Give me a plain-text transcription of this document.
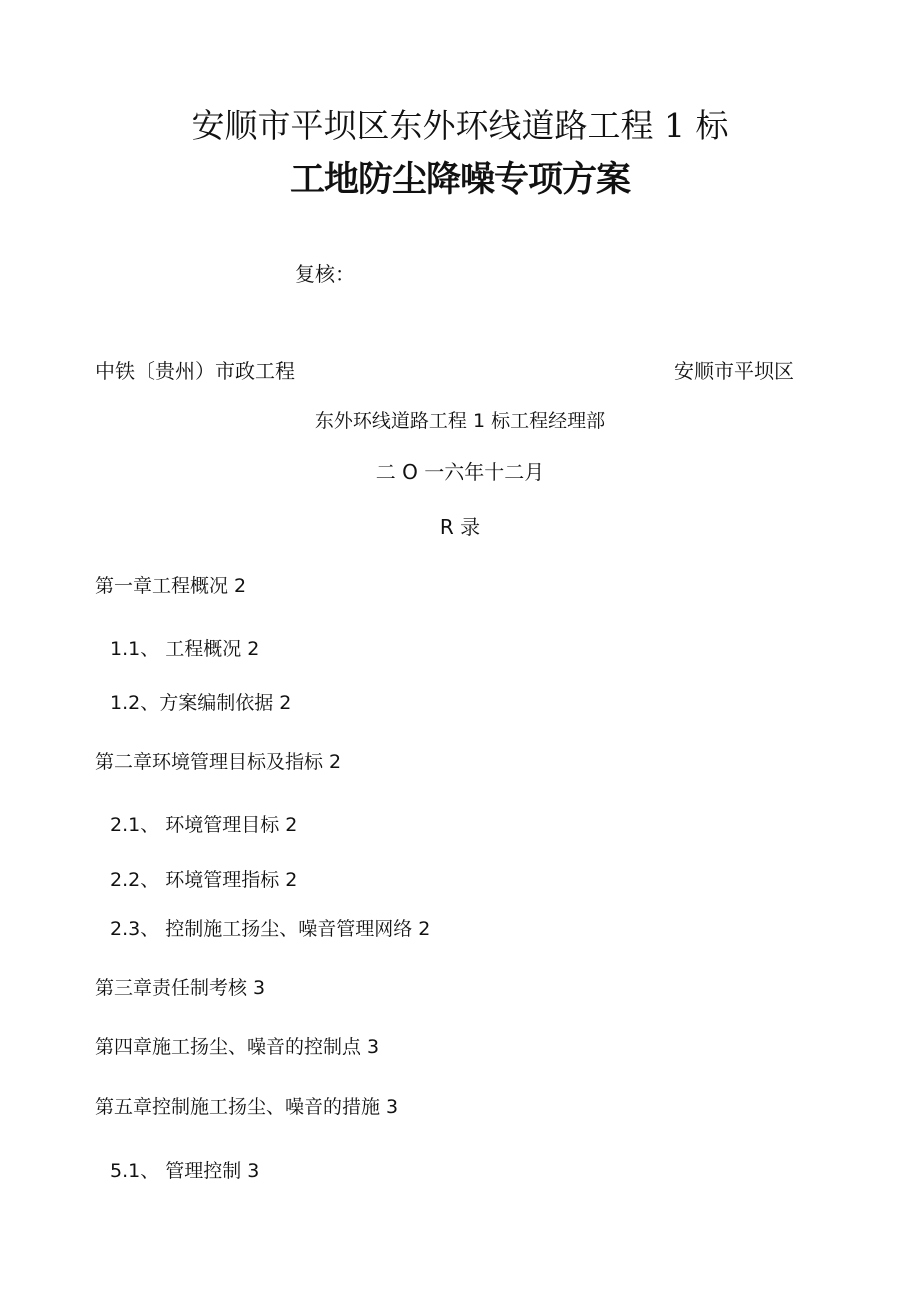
安顺市平坝区东外环线道路工程 1 标
工地防尘降噪专项方案
复核：
中铁〔贵州）市政工程	安顺市平坝区
东外环线道路工程 1 标工程经理部
二 O 一六年十二月
R 录
第一章工程概况 2
1.1、 工程概况 2
1.2、方案编制依据 2
第二章环境管理目标及指标 2
2.1、 环境管理目标 2
2.2、 环境管理指标 2
2.3、 控制施工扬尘、噪音管理网络 2
第三章责任制考核 3
第四章施工扬尘、噪音的控制点 3
第五章控制施工扬尘、噪音的措施 3
5.1、 管理控制 3
